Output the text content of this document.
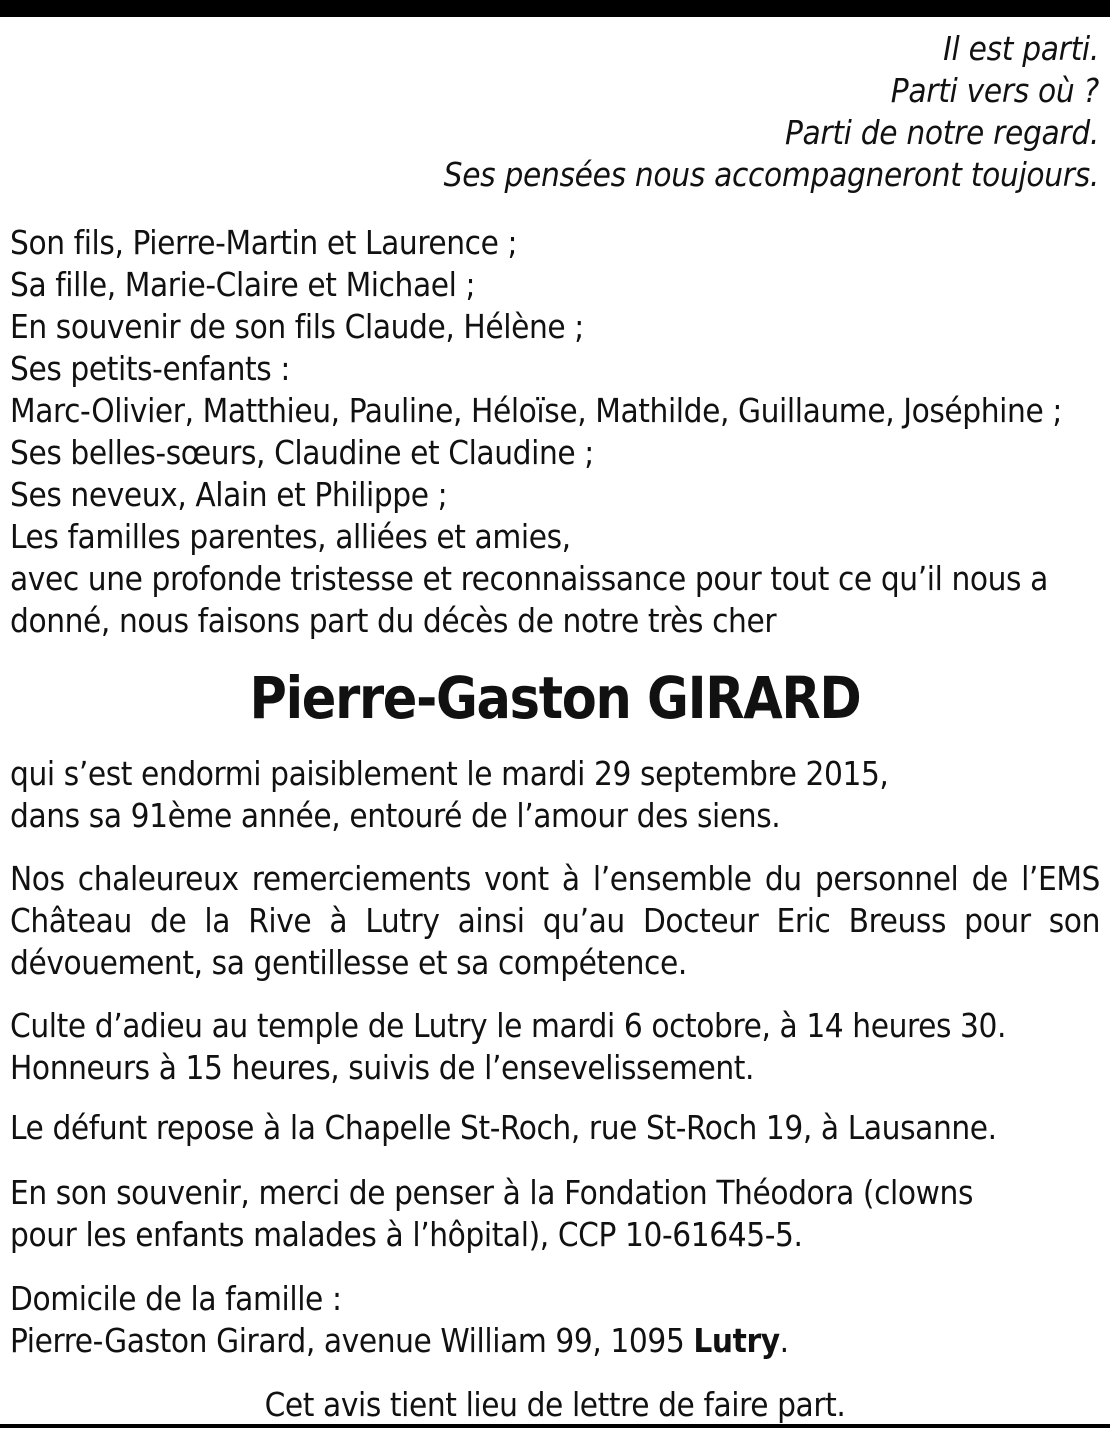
Il est parti.
Parti vers où ?
Parti de notre regard.
Ses pensées nous accompagneront toujours.
Son fils, Pierre-Martin et Laurence ;
Sa fille, Marie-Claire et Michael ;
En souvenir de son fils Claude, Hélène ;
Ses petits-enfants :
Marc-Olivier, Matthieu, Pauline, Héloïse, Mathilde, Guillaume, Joséphine ;
Ses belles-sœurs, Claudine et Claudine ;
Ses neveux, Alain et Philippe ;
Les familles parentes, alliées et amies,
avec une profonde tristesse et reconnaissance pour tout ce qu’il nous a
donné, nous faisons part du décès de notre très cher
Pierre-Gaston GIRARD
qui s’est endormi paisiblement le mardi 29 septembre 2015,
dans sa 91ème année, entouré de l’amour des siens.
Nos chaleureux remerciements vont à l’ensemble du personnel de l’EMS
Château de la Rive à Lutry ainsi qu’au Docteur Eric Breuss pour son
dévouement, sa gentillesse et sa compétence.
Culte d’adieu au temple de Lutry le mardi 6 octobre, à 14 heures 30.
Honneurs à 15 heures, suivis de l’ensevelissement.
Le défunt repose à la Chapelle St-Roch, rue St-Roch 19, à Lausanne.
En son souvenir, merci de penser à la Fondation Théodora (clowns
pour les enfants malades à l’hôpital), CCP 10-61645-5.
Domicile de la famille :
Pierre-Gaston Girard, avenue William 99, 1095 Lutry.
Cet avis tient lieu de lettre de faire part.
